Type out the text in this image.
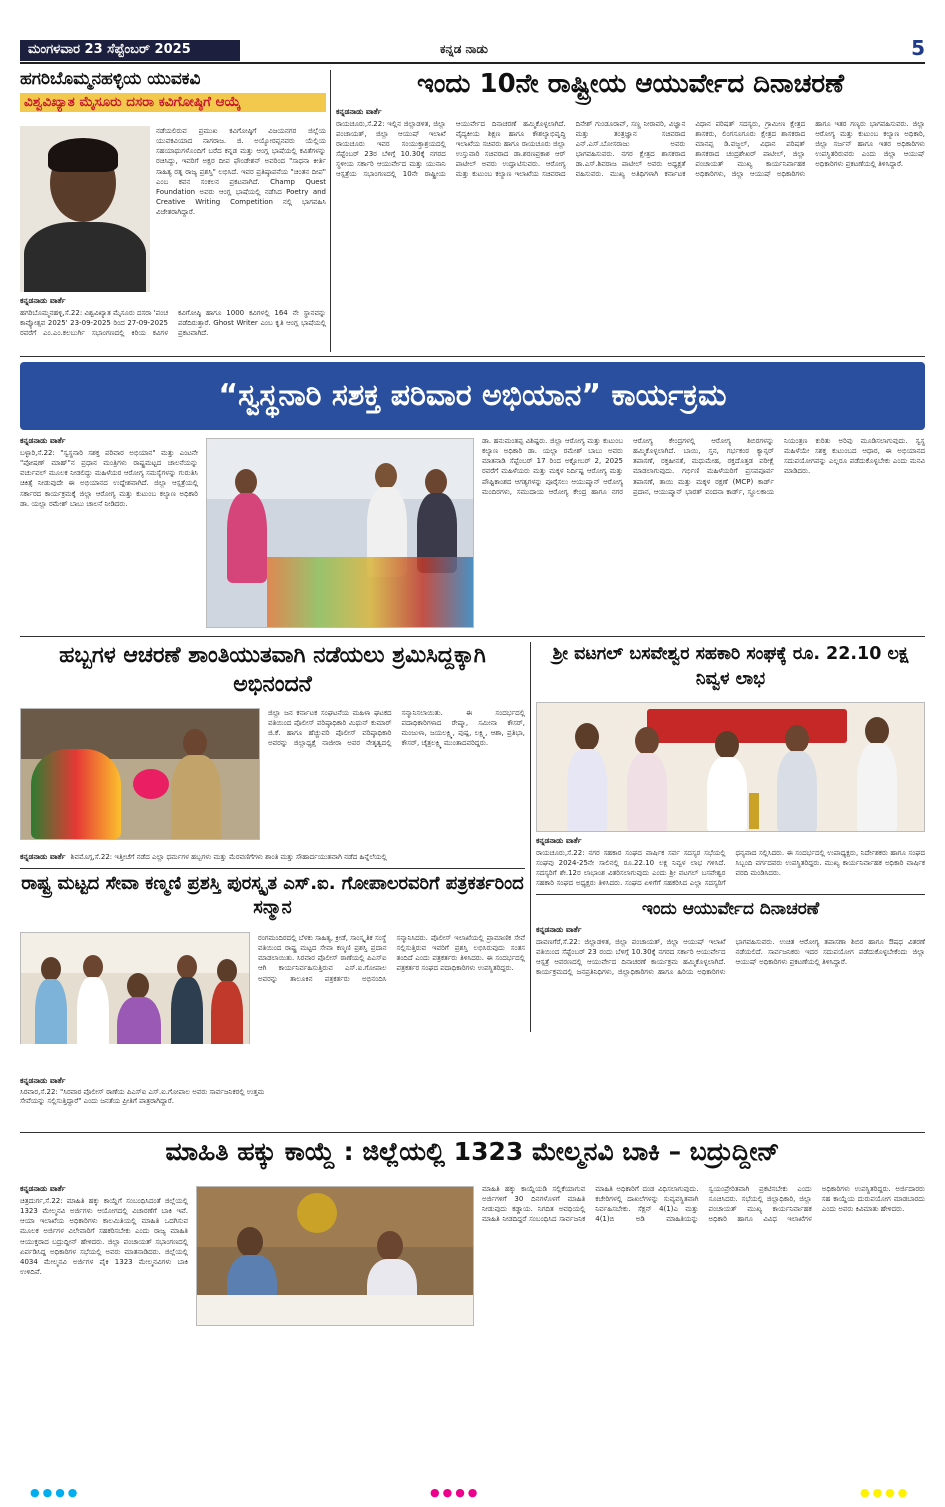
ಮಂಗಳವಾರ 23 ಸೆಪ್ಟೆಂಬರ್ 2025	ಕನ್ನಡ ನಾಡು	5
ಹಗರಿಬೊಮ್ಮನಹಳ್ಳಿಯ ಯುವಕವಿ
ವಿಶ್ವವಿಖ್ಯಾತ ಮೈಸೂರು ದಸರಾ ಕವಿಗೋಷ್ಠಿಗೆ ಆಯ್ಕೆ
ನಡೆಯಲಿರುವ ಪ್ರಮುಖ ಕವಿಗೋಷ್ಠಿಗೆ ವಿಜಯನಗರ ಜಿಲ್ಲೆಯ ಯುವಕವಿಯಾದ ನಾಗರಾಜ. ಜಿ. ಅಯ್ಯೋರಪ್ಪನವರು ಯೆಲ್ಲಿಯ ಸಹಯಾಥುಗಳೊಂದಿಗೆ ಬರೆದ ಕನ್ನಡ ಮತ್ತು ಆಂಗ್ಲ ಭಾಷೆಯಲ್ಲಿ ಕವಿತೆಗಳನ್ನು ರಚಿಸಿದ್ದು, ಇವರಿಗೆ ಅಕ್ಷರ ದೀಪ ಫೌಂಡೇಶನ್ ಅವರಿಂದ "ಸಾಧನಾ ಕೀರ್ತಿ ಸಾಹಿತ್ಯ ರತ್ನ ರಾಜ್ಯ ಪ್ರಶಸ್ತಿ" ಲಭಿಸಿದೆ. ಇವರ ಪ್ರತಿಷ್ಠಾಪನೆಯ "ಚಿಂತನ ದೀಪ" ಎಂಬ ಕವನ ಸಂಕಲನ ಪ್ರಕಟವಾಗಿದೆ. Champ Quest Foundation ಅವರು ಆಂಗ್ಲ ಭಾಷೆಯಲ್ಲಿ ನಡೆಸಿದ Poetry and Creative Writing Competition ನಲ್ಲಿ ಭಾಗವಹಿಸಿ ವಿಜೇತರಾಗಿದ್ದಾರೆ.
ಕನ್ನಡನಾಡು ವಾರ್ತೆ
ಹಗರಿಬೊಮ್ಮನಹಳ್ಳಿ,ಸೆ.22: ವಿಶ್ವವಿಖ್ಯಾತ ಮೈಸೂರು ದಸರಾ 'ಪಂಚ ಕಾವ್ಯೋತ್ಸವ 2025' 23-09-2025 ರಿಂದ 27-09-2025 ರವರೆಗೆ ಎಂ.ಎಂ.ಕಲಬುರ್ಗಿ ಸಭಾಂಗಣದಲ್ಲಿ ಕಿರಿಯ ಕವಿಗಳ ಕವಿಗೋಷ್ಠಿ ಹಾಗೂ 1000 ಕವಿಗಳಲ್ಲಿ 164 ನೇ ಸ್ಥಾನವನ್ನು ಪಡೆದಿರುತ್ತಾರೆ. Ghost Writer ಎಂಬ ಕೃತಿ ಆಂಗ್ಲ ಭಾಷೆಯಲ್ಲಿ ಪ್ರಕಟವಾಗಿದೆ.
ಇಂದು 10ನೇ ರಾಷ್ಟ್ರೀಯ ಆಯುರ್ವೇದ ದಿನಾಚರಣೆ
ಕನ್ನಡನಾಡು ವಾರ್ತೆ
ರಾಯಚೂರು,ಸೆ.22: ಇಲ್ಲಿನ ಜಿಲ್ಲಾಡಳಿತ, ಜಿಲ್ಲಾ ಪಂಚಾಯತ್, ಜಿಲ್ಲಾ ಆಯುಷ್ ಇಲಾಖೆ ರಾಯಚೂರು ಇವರ ಸಂಯುಕ್ತಾಶ್ರಯದಲ್ಲಿ ಸೆಪ್ಟೆಂಬರ್ 23ರ ಬೆಳಿಗ್ಗೆ 10.30ಕ್ಕೆ ನಗರದ ಸ್ಥಳೀಯ ಸರ್ಕಾರಿ ಆಯುರ್ವೇದ ಮತ್ತು ಯುನಾನಿ ಆಸ್ಪತ್ರೆಯ ಸಭಾಂಗಣದಲ್ಲಿ 10ನೇ ರಾಷ್ಟ್ರೀಯ ಆಯುರ್ವೇದ ದಿನಾಚರಣೆ ಹಮ್ಮಿಕೊಳ್ಳಲಾಗಿದೆ. ವೈದ್ಯಕೀಯ ಶಿಕ್ಷಣ ಹಾಗೂ ಕೌಶಲ್ಯಾಭಿವೃದ್ಧಿ ಇಲಾಖೆಯ ಸಚಿವರು ಹಾಗೂ ರಾಯಚೂರು ಜಿಲ್ಲಾ ಉಸ್ತುವಾರಿ ಸಚಿವರಾದ ಡಾ.ಶರಣಪ್ರಕಾಶ ಆರ್ ಪಾಟೀಲ್ ಅವರು ಉದ್ಘಾಟಿಸುವರು. ಆರೋಗ್ಯ ಮತ್ತು ಕುಟುಂಬ ಕಲ್ಯಾಣ ಇಲಾಖೆಯ ಸಚಿವರಾದ ದಿನೇಶ್ ಗುಂಡೂರಾವ್, ಸಣ್ಣ ನೀರಾವರಿ, ವಿಜ್ಞಾನ ಮತ್ತು ತಂತ್ರಜ್ಞಾನ ಸಚಿವರಾದ ಎನ್.ಎಸ್.ಬೋಸರಾಜು ಅವರು ಭಾಗವಹಿಸುವರು. ನಗರ ಕ್ಷೇತ್ರದ ಶಾಸಕರಾದ ಡಾ.ಎಸ್.ಶಿವರಾಜ ಪಾಟೀಲ್ ಅವರು ಅಧ್ಯಕ್ಷತೆ ವಹಿಸುವರು. ಮುಖ್ಯ ಅತಿಥಿಗಳಾಗಿ ಕರ್ನಾಟಕ ವಿಧಾನ ಪರಿಷತ್ ಸದಸ್ಯರು, ಗ್ರಾಮೀಣ ಕ್ಷೇತ್ರದ ಶಾಸಕರು, ಲಿಂಗಸೂಗೂರು ಕ್ಷೇತ್ರದ ಶಾಸಕರಾದ ಮಾನಪ್ಪ ಡಿ.ವಜ್ಜಲ್, ವಿಧಾನ ಪರಿಷತ್ ಶಾಸಕರಾದ ಚಂದ್ರಶೇಖರ್ ಪಾಟೀಲ್, ಜಿಲ್ಲಾ ಪಂಚಾಯತ್ ಮುಖ್ಯ ಕಾರ್ಯನಿರ್ವಾಹಕ ಅಧಿಕಾರಿಗಳು, ಜಿಲ್ಲಾ ಆಯುಷ್ ಅಧಿಕಾರಿಗಳು ಹಾಗೂ ಇತರ ಗಣ್ಯರು ಭಾಗವಹಿಸುವರು. ಜಿಲ್ಲಾ ಆರೋಗ್ಯ ಮತ್ತು ಕುಟುಂಬ ಕಲ್ಯಾಣ ಅಧಿಕಾರಿ, ಜಿಲ್ಲಾ ಸರ್ಜನ್ ಹಾಗೂ ಇತರ ಅಧಿಕಾರಿಗಳು ಉಪಸ್ಥಿತರಿರುವರು ಎಂದು ಜಿಲ್ಲಾ ಆಯುಷ್ ಅಧಿಕಾರಿಗಳು ಪ್ರಕಟಣೆಯಲ್ಲಿ ತಿಳಿಸಿದ್ದಾರೆ.
“ಸ್ವಸ್ಥನಾರಿ ಸಶಕ್ತ ಪರಿವಾರ ಅಭಿಯಾನ” ಕಾರ್ಯಕ್ರಮ
ಕನ್ನಡನಾಡು ವಾರ್ತೆ
ಬಳ್ಳಾರಿ,ಸೆ.22: "ಸ್ವಸ್ಥನಾರಿ ಸಶಕ್ತ ಪರಿವಾರ ಅಭಿಯಾನ" ಮತ್ತು ಎಂಟನೇ "ಪೋಷಣ್ ಮಾಹ್"ನ ಪ್ರಧಾನ ಮಂತ್ರಿಗಳು ರಾಷ್ಟ್ರಮಟ್ಟದ ಚಾಲನೆಯನ್ನು ವರ್ಚುವಲ್ ಮೂಲಕ ನೀಡಲಿದ್ದು ಮಹಿಳೆಯರ ಆರೋಗ್ಯ ಸಮಸ್ಯೆಗಳನ್ನು ಗುರುತಿಸಿ ಚಿಕಿತ್ಸೆ ನೀಡುವುದೇ ಈ ಅಭಿಯಾನದ ಉದ್ದೇಶವಾಗಿದೆ. ಜಿಲ್ಲಾ ಆಸ್ಪತ್ರೆಯಲ್ಲಿ ಸರ್ಕಾರದ ಕಾರ್ಯಕ್ರಮಕ್ಕೆ ಜಿಲ್ಲಾ ಆರೋಗ್ಯ ಮತ್ತು ಕುಟುಂಬ ಕಲ್ಯಾಣ ಅಧಿಕಾರಿ ಡಾ. ಯಲ್ಲಾ ರಮೇಶ್ ಬಾಬು ಚಾಲನೆ ನೀಡಿದರು.
ಡಾ. ಹನುಮಂತಪ್ಪ ವಿಶಿಷ್ಟರು. ಜಿಲ್ಲಾ ಆರೋಗ್ಯ ಮತ್ತು ಕುಟುಂಬ ಕಲ್ಯಾಣ ಅಧಿಕಾರಿ ಡಾ. ಯಲ್ಲಾ ರಮೇಶ್ ಬಾಬು ಅವರು ಮಾತನಾಡಿ ಸೆಪ್ಟೆಂಬರ್ 17 ರಿಂದ ಅಕ್ಟೋಬರ್ 2, 2025 ರವರೆಗೆ ಮಹಿಳೆಯರು ಮತ್ತು ಮಕ್ಕಳ ನಿರ್ದಿಷ್ಟ ಆರೋಗ್ಯ ಮತ್ತು ಪೌಷ್ಟಿಕಾಂಶದ ಆಗತ್ಯಗಳನ್ನು ಪೂರೈಸಲು ಆಯುಷ್ಮಾನ್ ಆರೋಗ್ಯ ಮಂದಿರಗಳು, ಸಮುದಾಯ ಆರೋಗ್ಯ ಕೇಂದ್ರ ಹಾಗೂ ನಗರ ಆರೋಗ್ಯ ಕೇಂದ್ರಗಳಲ್ಲಿ ಆರೋಗ್ಯ ಶಿಬಿರಗಳನ್ನು ಹಮ್ಮಿಕೊಳ್ಳಲಾಗಿದೆ. ಬಾಯಿ, ಸ್ತನ, ಗರ್ಭಕಂಠ ಕ್ಯಾನ್ಸರ್ ತಪಾಸಣೆ, ರಕ್ತಹೀನತೆ, ಮಧುಮೇಹ, ರಕ್ತದೊತ್ತಡ ಪರೀಕ್ಷೆ ಮಾಡಲಾಗುವುದು. ಗರ್ಭಿಣಿ ಮಹಿಳೆಯರಿಗೆ ಪ್ರಸವಪೂರ್ವ ತಪಾಸಣೆ, ತಾಯಿ ಮತ್ತು ಮಕ್ಕಳ ರಕ್ಷಣೆ (MCP) ಕಾರ್ಡ್ ಪ್ರದಾನ, ಆಯುಷ್ಮಾನ್ ಭಾರತ್ ವಂದನಾ ಕಾರ್ಡ್, ಸ್ಥೂಲಕಾಯ ನಿಯಂತ್ರಣ ಕುರಿತು ಅರಿವು ಮೂಡಿಸಲಾಗುವುದು. ಸ್ವಸ್ಥ ಮಹಿಳೆಯೇ ಸಶಕ್ತ ಕುಟುಂಬದ ಆಧಾರ, ಈ ಅಭಿಯಾನದ ಸದುಪಯೋಗವನ್ನು ಎಲ್ಲರೂ ಪಡೆದುಕೊಳ್ಳಬೇಕು ಎಂದು ಮನವಿ ಮಾಡಿದರು.
ಹಬ್ಬಗಳ ಆಚರಣೆ ಶಾಂತಿಯುತವಾಗಿ ನಡೆಯಲು ಶ್ರಮಿಸಿದ್ದಕ್ಕಾಗಿ ಅಭಿನಂದನೆ
ಜಿಲ್ಲಾ ಜನ ಕರ್ನಾಟಕ ಸಂಘಟನೆಯ ಮಹಿಳಾ ಘಟಕದ ವತಿಯಿಂದ ಪೊಲೀಸ್ ವರಿಷ್ಠಾಧಿಕಾರಿ ಮಿಥುನ್ ಕುಮಾರ್ ಜಿ.ಕೆ. ಹಾಗೂ ಹೆಚ್ಚುವರಿ ಪೊಲೀಸ್ ವರಿಷ್ಠಾಧಿಕಾರಿ ಅವರನ್ನು ಜಿಲ್ಲಾಧ್ಯಕ್ಷೆ ನಾಜೀರಾ ಅವರ ನೇತೃತ್ವದಲ್ಲಿ ಸನ್ಮಾನಿಸಲಾಯಿತು. ಈ ಸಂದರ್ಭದಲ್ಲಿ ಪದಾಧಿಕಾರಿಗಳಾದ ರೇಷ್ಮಾ, ಸಮೀನಾ ಕೌಸರ್, ಮಂಜುಳಾ, ಜಯಲಕ್ಷ್ಮಿ, ಪುಷ್ಪ, ಲಕ್ಷ್ಮಿ, ಆಶಾ, ಪ್ರತಿಭಾ, ಕೌಸರ್, ಚೈತ್ರಲಕ್ಷ್ಮಿ ಮುಂತಾದವರಿದ್ದರು.
ಕನ್ನಡನಾಡು ವಾರ್ತೆ ಶಿವಮೊಗ್ಗ,ಸೆ.22: ಇತ್ತೀಚೆಗೆ ನಡೆದ ಎಲ್ಲಾ ಧರ್ಮಗಳ ಹಬ್ಬಗಳು ಮತ್ತು ಮೆರವಣಿಗೆಗಳು ಶಾಂತಿ ಮತ್ತು ಸೌಹಾರ್ದಯುತವಾಗಿ ನಡೆದ ಹಿನ್ನೆಲೆಯಲ್ಲಿ
ಶ್ರೀ ವಟಗಲ್ ಬಸವೇಶ್ವರ ಸಹಕಾರಿ ಸಂಘಕ್ಕೆ ರೂ. 22.10 ಲಕ್ಷ ನಿವ್ವಳ ಲಾಭ
ಕನ್ನಡನಾಡು ವಾರ್ತೆ
ರಾಯಚೂರು,ಸೆ.22: ನಗರ ಸಹಕಾರ ಸಂಘದ ವಾರ್ಷಿಕ ಸರ್ವ ಸದಸ್ಯರ ಸಭೆಯಲ್ಲಿ ಸಂಘವು 2024-25ನೇ ಸಾಲಿನಲ್ಲಿ ರೂ.22.10 ಲಕ್ಷ ನಿವ್ವಳ ಲಾಭ ಗಳಿಸಿದೆ. ಸದಸ್ಯರಿಗೆ ಶೇ.12ರ ಲಾಭಾಂಶ ವಿತರಿಸಲಾಗುವುದು ಎಂದು ಶ್ರೀ ವಟಗಲ್ ಬಸವೇಶ್ವರ ಸಹಕಾರಿ ಸಂಘದ ಅಧ್ಯಕ್ಷರು ತಿಳಿಸಿದರು. ಸಂಘದ ಏಳಿಗೆಗೆ ಸಹಕರಿಸಿದ ಎಲ್ಲಾ ಸದಸ್ಯರಿಗೆ ಧನ್ಯವಾದ ಸಲ್ಲಿಸಿದರು. ಈ ಸಂದರ್ಭದಲ್ಲಿ ಉಪಾಧ್ಯಕ್ಷರು, ನಿರ್ದೇಶಕರು ಹಾಗೂ ಸಂಘದ ಸಿಬ್ಬಂದಿ ವರ್ಗದವರು ಉಪಸ್ಥಿತರಿದ್ದರು. ಮುಖ್ಯ ಕಾರ್ಯನಿರ್ವಾಹಕ ಅಧಿಕಾರಿ ವಾರ್ಷಿಕ ವರದಿ ಮಂಡಿಸಿದರು.
ರಾಷ್ಟ್ರ ಮಟ್ಟದ ಸೇವಾ ಕಣ್ಮಣಿ ಪ್ರಶಸ್ತಿ ಪುರಸ್ಕೃತ ಎಸ್.ಐ. ಗೋಪಾಲರವರಿಗೆ ಪತ್ರಕರ್ತರಿಂದ ಸನ್ಮಾನ
ರಂಗಮಂದಿರದಲ್ಲಿ ಬೆಳಕು ಸಾಹಿತ್ಯ, ಕ್ರೀಡೆ, ಸಾಂಸ್ಕೃತಿಕ ಸಂಸ್ಥೆ ವತಿಯಿಂದ ರಾಷ್ಟ್ರ ಮಟ್ಟದ ಸೇವಾ ಕಣ್ಮಣಿ ಪ್ರಶಸ್ತಿ ಪ್ರದಾನ ಮಾಡಲಾಯಿತು. ಸಿರವಾರ ಪೊಲೀಸ್ ಠಾಣೆಯಲ್ಲಿ ಪಿಎಸ್‌ಐ ಆಗಿ ಕಾರ್ಯನಿರ್ವಹಿಸುತ್ತಿರುವ ಎಸ್.ಐ.ಗೋಪಾಲ ಅವರನ್ನು ತಾಲೂಕಿನ ಪತ್ರಕರ್ತರು ಅಭಿನಂದಿಸಿ ಸನ್ಮಾನಿಸಿದರು. ಪೊಲೀಸ್ ಇಲಾಖೆಯಲ್ಲಿ ಪ್ರಾಮಾಣಿಕ ಸೇವೆ ಸಲ್ಲಿಸುತ್ತಿರುವ ಇವರಿಗೆ ಪ್ರಶಸ್ತಿ ಲಭಿಸಿರುವುದು ಸಂತಸ ತಂದಿದೆ ಎಂದು ಪತ್ರಕರ್ತರು ತಿಳಿಸಿದರು. ಈ ಸಂದರ್ಭದಲ್ಲಿ ಪತ್ರಕರ್ತರ ಸಂಘದ ಪದಾಧಿಕಾರಿಗಳು ಉಪಸ್ಥಿತರಿದ್ದರು.
ಕನ್ನಡನಾಡು ವಾರ್ತೆ
ಸಿರವಾರ,ಸೆ.22: "ಸಿರವಾರ ಪೊಲೀಸ್ ಠಾಣೆಯ ಪಿಎಸ್‌ಐ ಎಸ್.ಐ.ಗೋಪಾಲ ಅವರು ಸಾರ್ವಜನಿಕರಲ್ಲಿ ಉತ್ತಮ ಸೇವೆಯನ್ನು ಸಲ್ಲಿಸುತ್ತಿದ್ದಾರೆ" ಎಂದು ಜನತೆಯ ಪ್ರೀತಿಗೆ ಪಾತ್ರರಾಗಿದ್ದಾರೆ.
ಇಂದು ಆಯುರ್ವೇದ ದಿನಾಚರಣೆ
ಕನ್ನಡನಾಡು ವಾರ್ತೆ
ದಾವಣಗೆರೆ,ಸೆ.22: ಜಿಲ್ಲಾಡಳಿತ, ಜಿಲ್ಲಾ ಪಂಚಾಯತ್, ಜಿಲ್ಲಾ ಆಯುಷ್ ಇಲಾಖೆ ವತಿಯಿಂದ ಸೆಪ್ಟೆಂಬರ್ 23 ರಂದು ಬೆಳಿಗ್ಗೆ 10.30ಕ್ಕೆ ನಗರದ ಸರ್ಕಾರಿ ಆಯುರ್ವೇದ ಆಸ್ಪತ್ರೆ ಆವರಣದಲ್ಲಿ ಆಯುರ್ವೇದ ದಿನಾಚರಣೆ ಕಾರ್ಯಕ್ರಮ ಹಮ್ಮಿಕೊಳ್ಳಲಾಗಿದೆ. ಕಾರ್ಯಕ್ರಮದಲ್ಲಿ ಜನಪ್ರತಿನಿಧಿಗಳು, ಜಿಲ್ಲಾಧಿಕಾರಿಗಳು ಹಾಗೂ ಹಿರಿಯ ಅಧಿಕಾರಿಗಳು ಭಾಗವಹಿಸುವರು. ಉಚಿತ ಆರೋಗ್ಯ ತಪಾಸಣಾ ಶಿಬಿರ ಹಾಗೂ ಔಷಧ ವಿತರಣೆ ನಡೆಯಲಿದೆ. ಸಾರ್ವಜನಿಕರು ಇದರ ಸದುಪಯೋಗ ಪಡೆದುಕೊಳ್ಳಬೇಕೆಂದು ಜಿಲ್ಲಾ ಆಯುಷ್ ಅಧಿಕಾರಿಗಳು ಪ್ರಕಟಣೆಯಲ್ಲಿ ತಿಳಿಸಿದ್ದಾರೆ.
ಮಾಹಿತಿ ಹಕ್ಕು ಕಾಯ್ದೆ : ಜಿಲ್ಲೆಯಲ್ಲಿ 1323 ಮೇಲ್ಮನವಿ ಬಾಕಿ – ಬದ್ರುದ್ದೀನ್
ಕನ್ನಡನಾಡು ವಾರ್ತೆ
ಚಿತ್ರದುರ್ಗ,ಸೆ.22: ಮಾಹಿತಿ ಹಕ್ಕು ಕಾಯ್ದೆಗೆ ಸಂಬಂಧಿಸಿದಂತೆ ಜಿಲ್ಲೆಯಲ್ಲಿ 1323 ಮೇಲ್ಮನವಿ ಅರ್ಜಿಗಳು ಆಯೋಗದಲ್ಲಿ ವಿಚಾರಣೆಗೆ ಬಾಕಿ ಇವೆ. ಆಯಾ ಇಲಾಖೆಯ ಅಧಿಕಾರಿಗಳು ಕಾಲಮಿತಿಯಲ್ಲಿ ಮಾಹಿತಿ ಒದಗಿಸುವ ಮೂಲಕ ಅರ್ಜಿಗಳ ವಿಲೇವಾರಿಗೆ ಸಹಕರಿಸಬೇಕು ಎಂದು ರಾಜ್ಯ ಮಾಹಿತಿ ಆಯುಕ್ತರಾದ ಬದ್ರುದ್ದೀನ್ ಹೇಳಿದರು. ಜಿಲ್ಲಾ ಪಂಚಾಯತ್ ಸಭಾಂಗಣದಲ್ಲಿ ಏರ್ಪಡಿಸಿದ್ದ ಅಧಿಕಾರಿಗಳ ಸಭೆಯಲ್ಲಿ ಅವರು ಮಾತನಾಡಿದರು. ಜಿಲ್ಲೆಯಲ್ಲಿ 4034 ಮೇಲ್ಮನವಿ ಅರ್ಜಿಗಳ ಪೈಕಿ 1323 ಮೇಲ್ಮನವಿಗಳು ಬಾಕಿ ಉಳಿದಿವೆ.
ಮಾಹಿತಿ ಹಕ್ಕು ಕಾಯ್ದೆಯಡಿ ಸಲ್ಲಿಕೆಯಾಗುವ ಅರ್ಜಿಗಳಿಗೆ 30 ದಿನಗಳೊಳಗೆ ಮಾಹಿತಿ ನೀಡುವುದು ಕಡ್ಡಾಯ. ನಿಗದಿತ ಅವಧಿಯಲ್ಲಿ ಮಾಹಿತಿ ನೀಡದಿದ್ದರೆ ಸಂಬಂಧಿಸಿದ ಸಾರ್ವಜನಿಕ ಮಾಹಿತಿ ಅಧಿಕಾರಿಗೆ ದಂಡ ವಿಧಿಸಲಾಗುವುದು. ಕಚೇರಿಗಳಲ್ಲಿ ದಾಖಲೆಗಳನ್ನು ಸುವ್ಯವಸ್ಥಿತವಾಗಿ ನಿರ್ವಹಿಸಬೇಕು. ಸೆಕ್ಷನ್ 4(1)ಎ ಮತ್ತು 4(1)ಬಿ ಅಡಿ ಮಾಹಿತಿಯನ್ನು ಸ್ವಯಂಪ್ರೇರಿತವಾಗಿ ಪ್ರಕಟಿಸಬೇಕು ಎಂದು ಸೂಚಿಸಿದರು. ಸಭೆಯಲ್ಲಿ ಜಿಲ್ಲಾಧಿಕಾರಿ, ಜಿಲ್ಲಾ ಪಂಚಾಯತ್ ಮುಖ್ಯ ಕಾರ್ಯನಿರ್ವಾಹಕ ಅಧಿಕಾರಿ ಹಾಗೂ ವಿವಿಧ ಇಲಾಖೆಗಳ ಅಧಿಕಾರಿಗಳು ಉಪಸ್ಥಿತರಿದ್ದರು. ಅರ್ಜಿದಾರರು ಸಹ ಕಾಯ್ದೆಯ ದುರುಪಯೋಗ ಮಾಡಬಾರದು ಎಂದು ಅವರು ಕಿವಿಮಾತು ಹೇಳಿದರು.
●●●●	●●●●	●●●●
